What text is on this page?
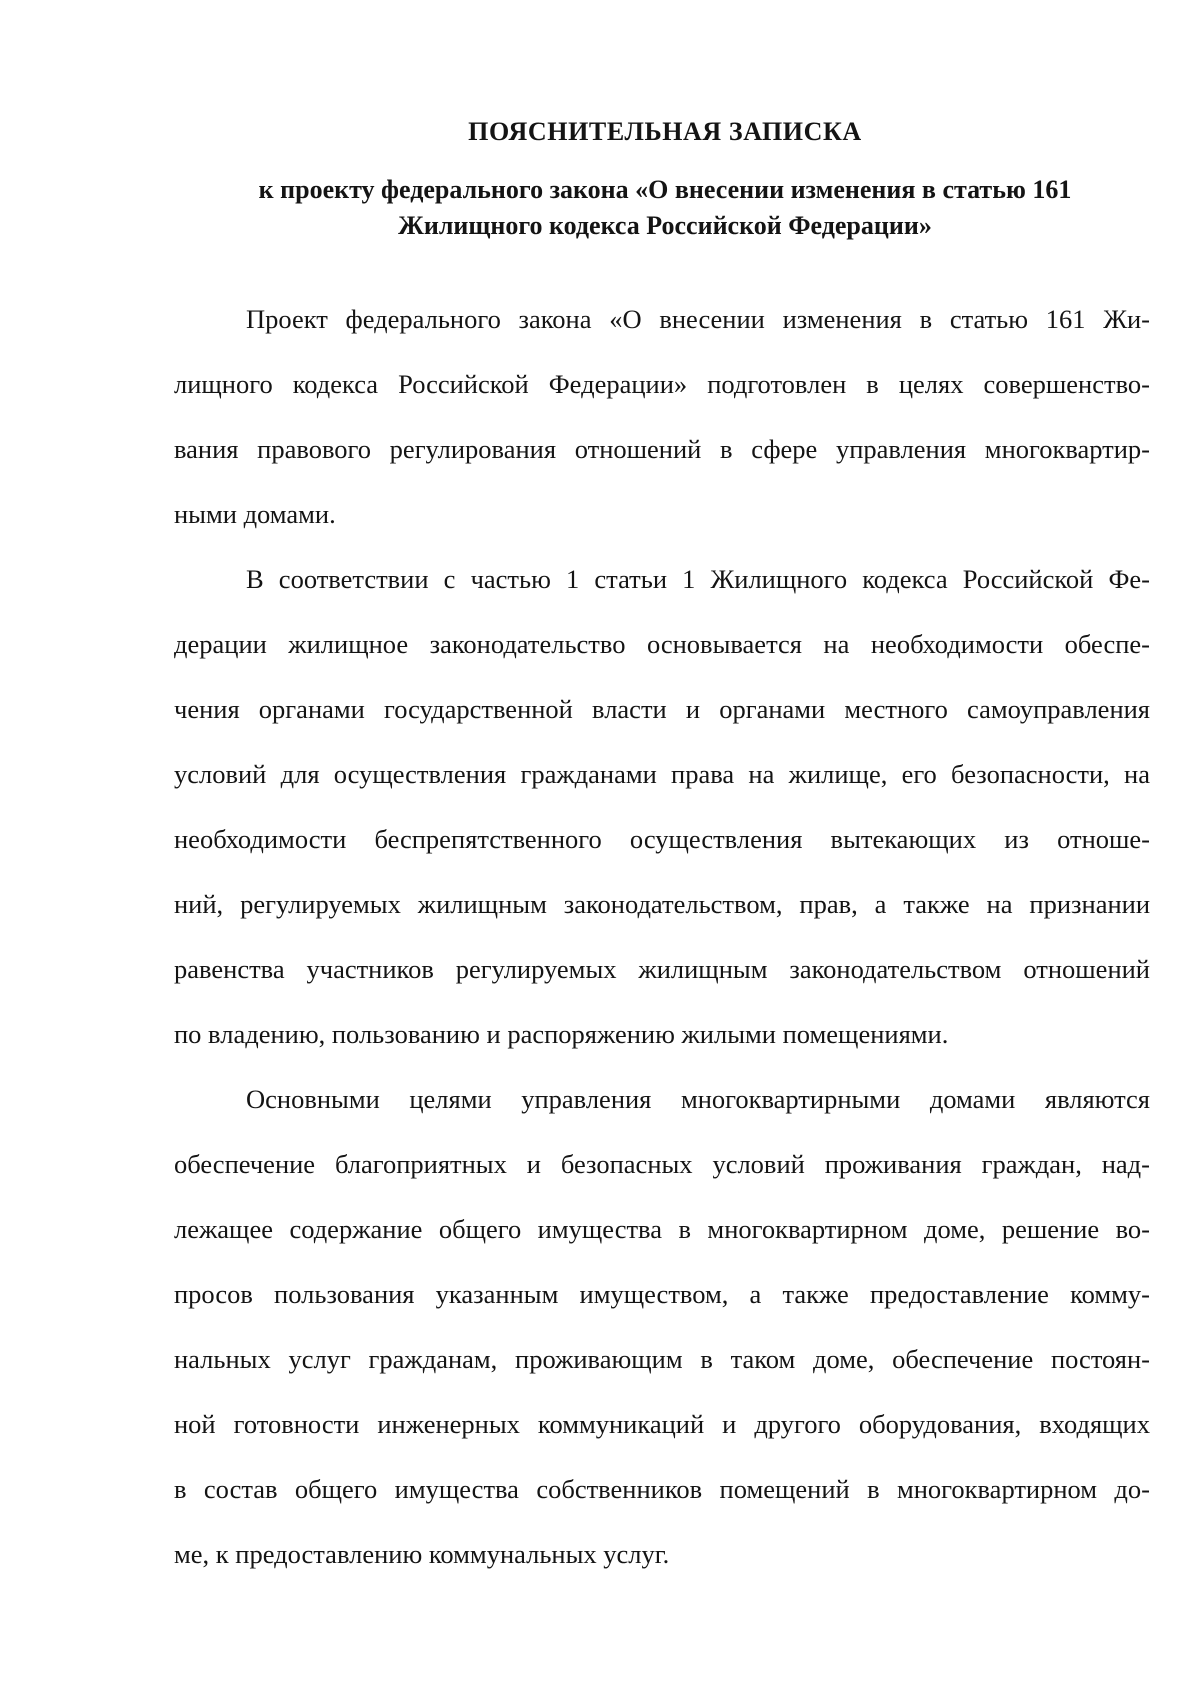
ПОЯСНИТЕЛЬНАЯ ЗАПИСКА
к проекту федерального закона «О внесении изменения в статью 161
Жилищного кодекса Российской Федерации»
Проект федерального закона «О внесении изменения в статью 161 Жи-
лищного кодекса Российской Федерации» подготовлен в целях совершенство-
вания правового регулирования отношений в сфере управления многоквартир-
ными домами.
В соответствии с частью 1 статьи 1 Жилищного кодекса Российской Фе-
дерации жилищное законодательство основывается на необходимости обеспе-
чения органами государственной власти и органами местного самоуправления
условий для осуществления гражданами права на жилище, его безопасности, на
необходимости беспрепятственного осуществления вытекающих из отноше-
ний, регулируемых жилищным законодательством, прав, а также на признании
равенства участников регулируемых жилищным законодательством отношений
по владению, пользованию и распоряжению жилыми помещениями.
Основными целями управления многоквартирными домами являются
обеспечение благоприятных и безопасных условий проживания граждан, над-
лежащее содержание общего имущества в многоквартирном доме, решение во-
просов пользования указанным имуществом, а также предоставление комму-
нальных услуг гражданам, проживающим в таком доме, обеспечение постоян-
ной готовности инженерных коммуникаций и другого оборудования, входящих
в состав общего имущества собственников помещений в многоквартирном до-
ме, к предоставлению коммунальных услуг.
